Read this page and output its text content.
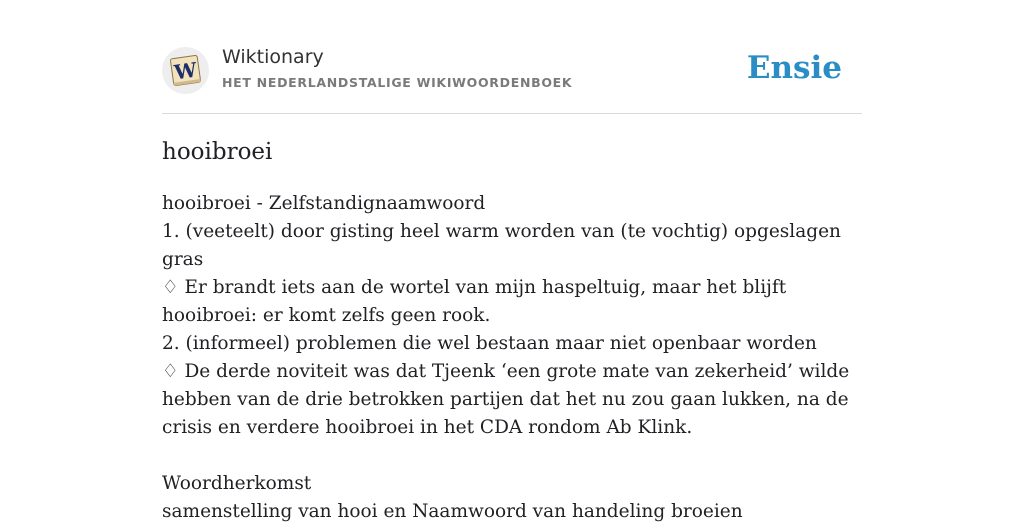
W
Wiktionary
HET NEDERLANDSTALIGE WIKIWOORDENBOEK	Ensie
hooibroei

hooibroei - Zelfstandignaamwoord

1. (veeteelt) door gisting heel warm worden van (te vochtig) opgeslagen gras

♢ Er brandt iets aan de wortel van mijn haspeltuig, maar het blijft hooibroei: er komt zelfs geen rook.

2. (informeel) problemen die wel bestaan maar niet openbaar worden

♢ De derde noviteit was dat Tjeenk ‘een grote mate van zekerheid’ wilde hebben van de drie betrokken partijen dat het nu zou gaan lukken, na de crisis en verdere hooibroei in het CDA rondom Ab Klink.

Woordherkomst

samenstelling van hooi en Naamwoord van handeling broeien
